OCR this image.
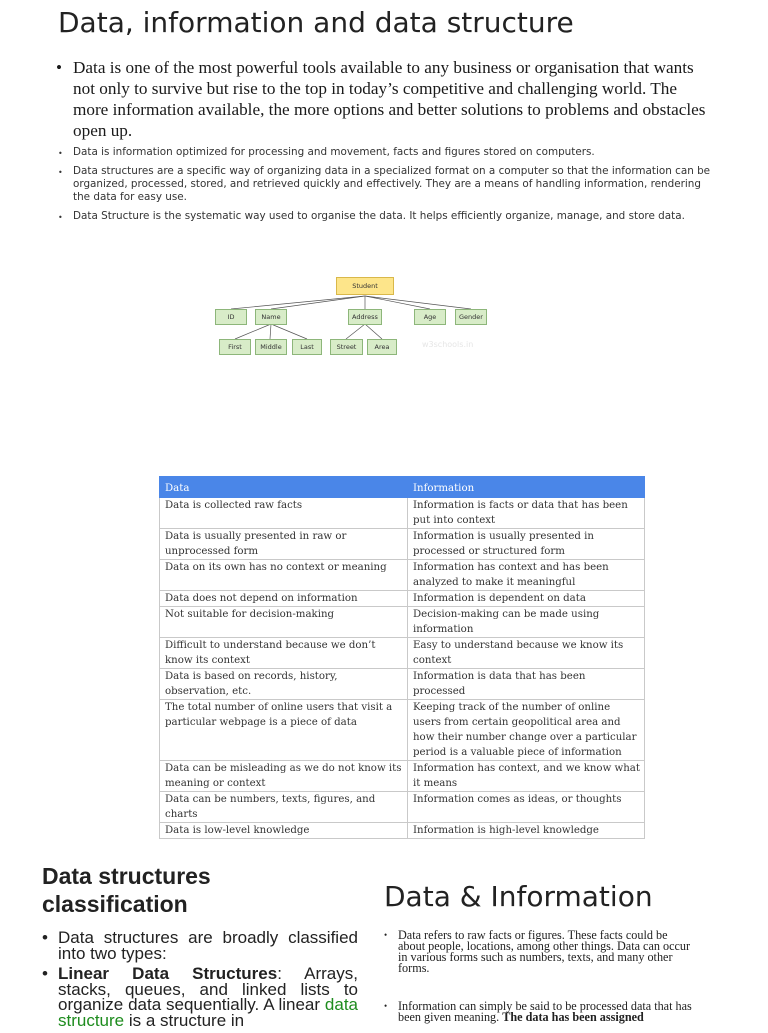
Data, information and data structure
• Data is one of the most powerful tools available to any business or organisation that wants not only to survive but rise to the top in today’s competitive and challenging world. The more information available, the more options and better solutions to problems and obstacles open up.
• Data is information optimized for processing and movement, facts and figures stored on computers.
• Data structures are a specific way of organizing data in a specialized format on a computer so that the information can be organized, processed, stored, and retrieved quickly and effectively. They are a means of handling information, rendering the data for easy use.
• Data Structure is the systematic way used to organise the data. It helps efficiently organize, manage, and store data.
Student
ID	Name	Address	Age	Gender
First	Middle	Last	Street	Area	w3schools.in
Data	Information
Data is collected raw facts	Information is facts or data that has been put into context
Data is usually presented in raw or unprocessed form	Information is usually presented in processed or structured form
Data on its own has no context or meaning	Information has context and has been analyzed to make it meaningful
Data does not depend on information	Information is dependent on data
Not suitable for decision-making	Decision-making can be made using information
Difficult to understand because we don’t know its context	Easy to understand because we know its context
Data is based on records, history, observation, etc.	Information is data that has been processed
The total number of online users that visit a particular webpage is a piece of data	Keeping track of the number of online users from certain geopolitical area and how their number change over a particular period is a valuable piece of information
Data can be misleading as we do not know its meaning or context	Information has context, and we know what it means
Data can be numbers, texts, figures, and charts	Information comes as ideas, or thoughts
Data is low-level knowledge	Information is high-level knowledge
Data structures classification
• Data structures are broadly classified into two types:
• Linear Data Structures: Arrays, stacks, queues, and linked lists to organize data sequentially. A linear data structure is a structure in
Data & Information
• Data refers to raw facts or figures. These facts could be about people, locations, among other things. Data can occur in various forms such as numbers, texts, and many other forms.
• Information can simply be said to be processed data that has been given meaning. The data has been assigned
